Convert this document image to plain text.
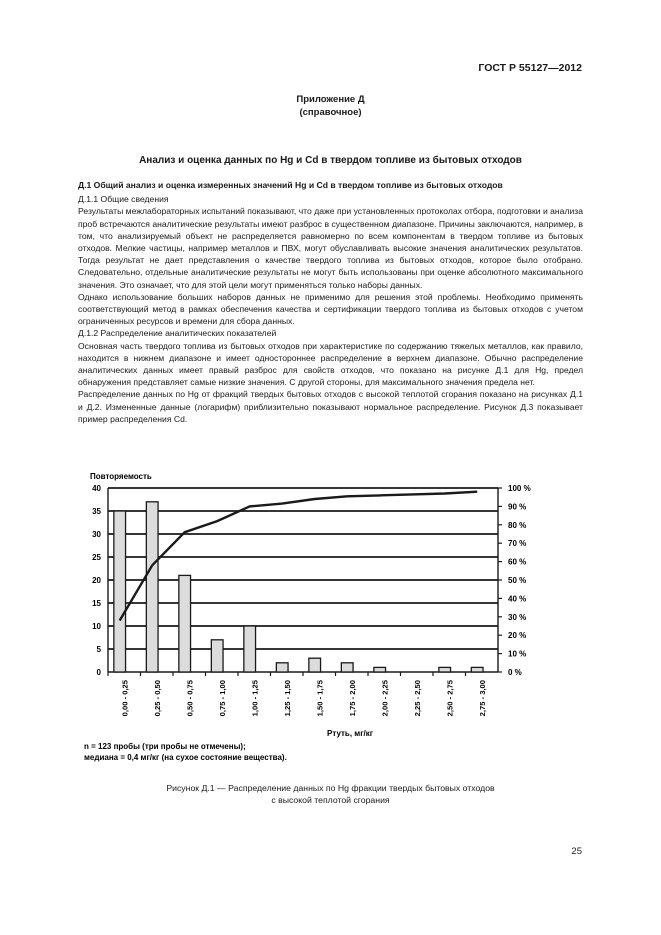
ГОСТ Р 55127—2012
Приложение Д
(справочное)
Анализ и оценка данных по Hg и Cd в твердом топливе из бытовых отходов

Д.1 Общий анализ и оценка измеренных значений Hg и Cd в твердом топливе из бытовых отходов

Д.1.1 Общие сведения

Результаты межлабораторных испытаний показывают, что даже при установленных протоколах отбора, подготовки и анализа проб встречаются аналитические результаты имеют разброс в существенном диапазоне. Причины заключаются, например, в том, что анализируемый объект не распределяется равномерно по всем компонентам в твердом топливе из бытовых отходов. Мелкие частицы, например металлов и ПВХ, могут обуславливать высокие значения аналитических результатов. Тогда результат не дает представления о качестве твердого топлива из бытовых отходов, которое было отобрано. Следовательно, отдельные аналитические результаты не могут быть использованы при оценке абсолютного максимального значения. Это означает, что для этой цели могут применяться только наборы данных.

Однако использование больших наборов данных не применимо для решения этой проблемы. Необходимо применять соответствующий метод в рамках обеспечения качества и сертификации твердого топлива из бытовых отходов с учетом ограниченных ресурсов и времени для сбора данных.

Д.1.2 Распределение аналитических показателей

Основная часть твердого топлива из бытовых отходов при характеристике по содержанию тяжелых металлов, как правило, находится в нижнем диапазоне и имеет одностороннее распределение в верхнем диапазоне. Обычно распределение аналитических данных имеет правый разброс для свойств отходов, что показано на рисунке Д.1 для Hg, предел обнаружения представляет самые низкие значения. С другой стороны, для максимального значения предела нет.

Распределение данных по Hg от фракций твердых бытовых отходов с высокой теплотой сгорания показано на рисунках Д.1 и Д.2. Измененные данные (логарифм) приблизительно показывают нормальное распределение. Рисунок Д.3 показывает пример распределения Cd.

Повторяемость
0
5
10
15
20
25
30
35
40
0 %
10 %
20 %
30 %
40 %
50 %
60 %
70 %
80 %
90 %
100 %
0,00 - 0,25	0,25 - 0,50	0,50 - 0,75	0,75 - 1,00	1,00 - 1,25	1,25 - 1,50	1,50 - 1,75	1,75 - 2,00	2,00 - 2,25	2,25 - 2,50	2,50 - 2,75	2,75 - 3,00
Ртуть, мг/кг
n = 123 пробы (три пробы не отмечены);
медиана = 0,4 мг/кг (на сухое состояние вещества).
Рисунок Д.1 — Распределение данных по Hg фракции твердых бытовых отходов
с высокой теплотой сгорания
25
